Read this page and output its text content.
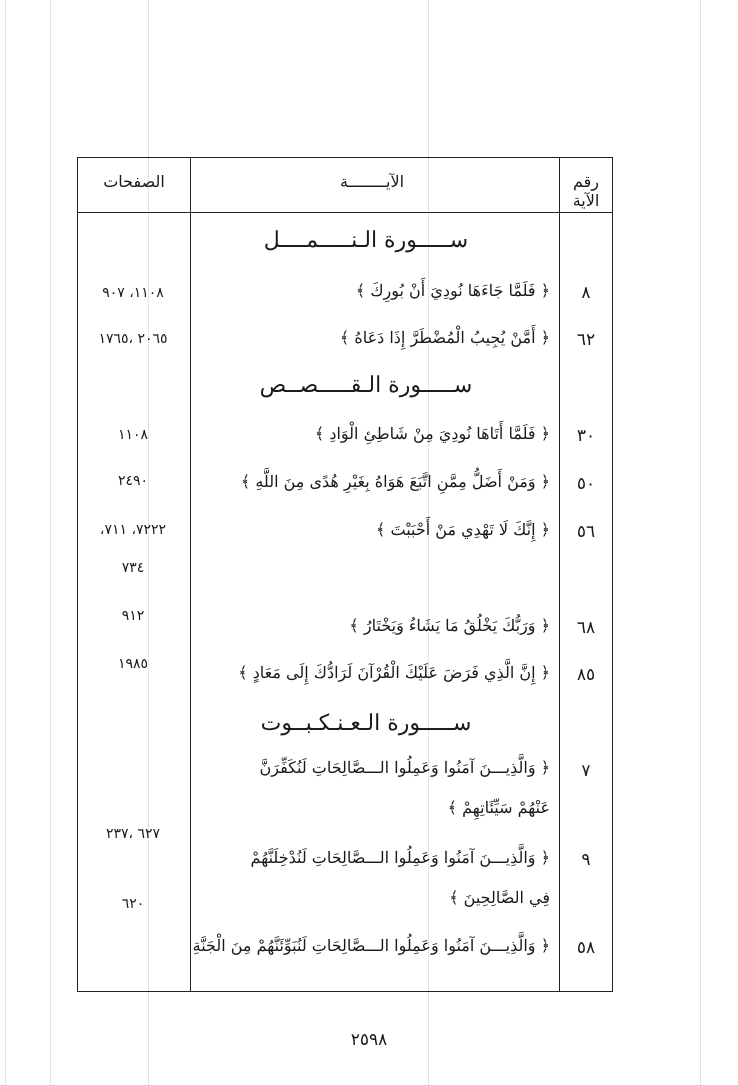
رقم الآية
الآيــــــــة
الصفحات
ســـــورة الـنـــــمــــل
٨
﴿ فَلَمَّا جَاءَهَا نُودِيَ أَنْ بُورِكَ ﴾
١١٠٨، ٩٠٧
٦٢
﴿ أَمَّنْ يُجِيبُ الْمُضْطَرَّ إِذَا دَعَاهُ ﴾
٢٠٦٥ ،١٧٦٥
ســـــورة الـقـــــصــص
٣٠
﴿ فَلَمَّا أَتَاهَا نُودِيَ مِنْ شَاطِئِ الْوَادِ ﴾
١١٠٨
٥٠
﴿ وَمَنْ أَضَلُّ مِمَّنِ اتَّبَعَ هَوَاهُ بِغَيْرِ هُدًى مِنَ اللَّهِ ﴾
٢٤٩٠
٥٦
﴿ إِنَّكَ لَا تَهْدِي مَنْ أَحْبَبْتَ ﴾
٧٢٢٢، ٧١١،
٧٣٤
٦٨
﴿ وَرَبُّكَ يَخْلُقُ مَا يَشَاءُ وَيَخْتَارُ ﴾
٩١٢
٨٥
﴿ إِنَّ الَّذِي فَرَضَ عَلَيْكَ الْقُرْآنَ لَرَادُّكَ إِلَى مَعَادٍ ﴾
١٩٨٥
ســـــورة الـعـنـكـبــوت
٧
﴿ وَالَّذِيـــنَ آمَنُوا وَعَمِلُوا الـــصَّالِحَاتِ لَنُكَفِّرَنَّ عَنْهُمْ سَيِّئَاتِهِمْ ﴾
٦٢٧ ،٢٣٧
٩
﴿ وَالَّذِيـــنَ آمَنُوا وَعَمِلُوا الـــصَّالِحَاتِ لَنُدْخِلَنَّهُمْ فِي الصَّالِحِينَ ﴾
٦٢٠
٥٨
﴿ وَالَّذِيـــنَ آمَنُوا وَعَمِلُوا الـــصَّالِحَاتِ لَنُبَوِّئَنَّهُمْ مِنَ الْجَنَّةِ
٢٥٩٨
